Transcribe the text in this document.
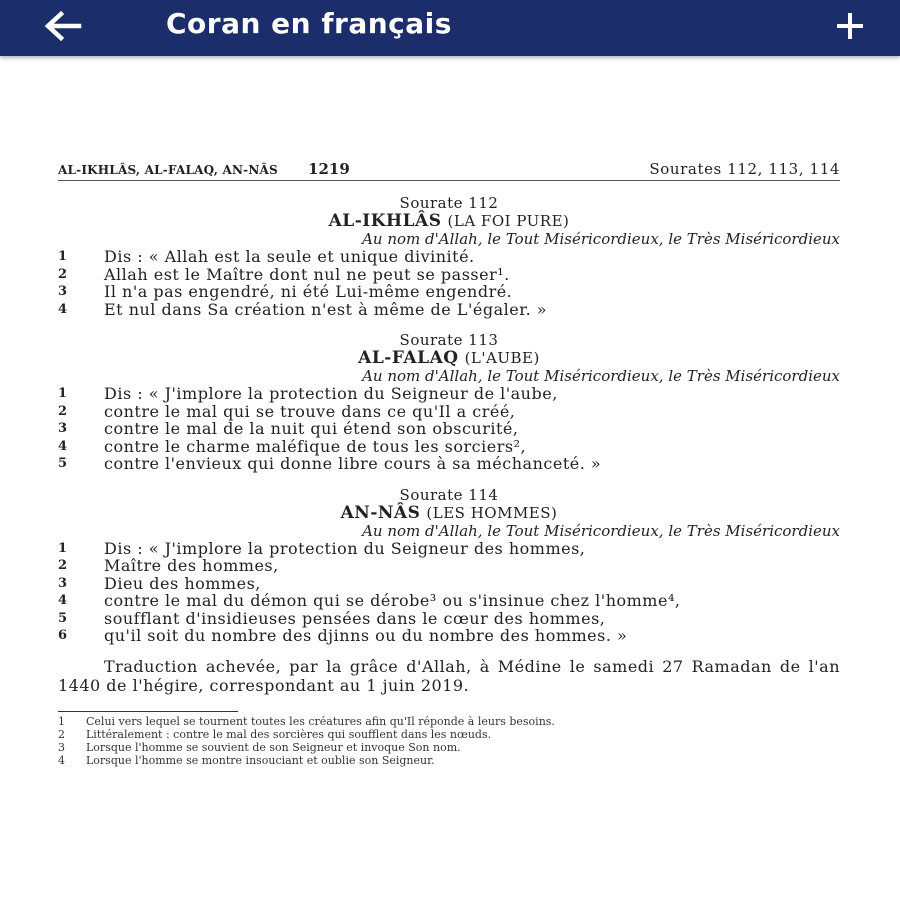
Coran en français
AL-IKHLÂS, AL-FALAQ, AN-NÂS 1219	Sourates 112, 113, 114
Sourate 112
AL-IKHLÂS (LA FOI PURE)
Au nom d'Allah, le Tout Miséricordieux, le Très Miséricordieux
1	Dis : « Allah est la seule et unique divinité.
2	Allah est le Maître dont nul ne peut se passer¹.
3	Il n'a pas engendré, ni été Lui-même engendré.
4	Et nul dans Sa création n'est à même de L'égaler. »
Sourate 113
AL-FALAQ (L'AUBE)
Au nom d'Allah, le Tout Miséricordieux, le Très Miséricordieux
1	Dis : « J'implore la protection du Seigneur de l'aube,
2	contre le mal qui se trouve dans ce qu'Il a créé,
3	contre le mal de la nuit qui étend son obscurité,
4	contre le charme maléfique de tous les sorciers²,
5	contre l'envieux qui donne libre cours à sa méchanceté. »
Sourate 114
AN-NÂS (LES HOMMES)
Au nom d'Allah, le Tout Miséricordieux, le Très Miséricordieux
1	Dis : « J'implore la protection du Seigneur des hommes,
2	Maître des hommes,
3	Dieu des hommes,
4	contre le mal du démon qui se dérobe³ ou s'insinue chez l'homme⁴,
5	soufflant d'insidieuses pensées dans le cœur des hommes,
6	qu'il soit du nombre des djinns ou du nombre des hommes. »
Traduction achevée, par la grâce d'Allah, à Médine le samedi 27 Ramadan de l'an 1440 de l'hégire, correspondant au 1 juin 2019.
1	Celui vers lequel se tournent toutes les créatures afin qu'Il réponde à leurs besoins.
2	Littéralement : contre le mal des sorcières qui soufflent dans les nœuds.
3	Lorsque l'homme se souvient de son Seigneur et invoque Son nom.
4	Lorsque l'homme se montre insouciant et oublie son Seigneur.
